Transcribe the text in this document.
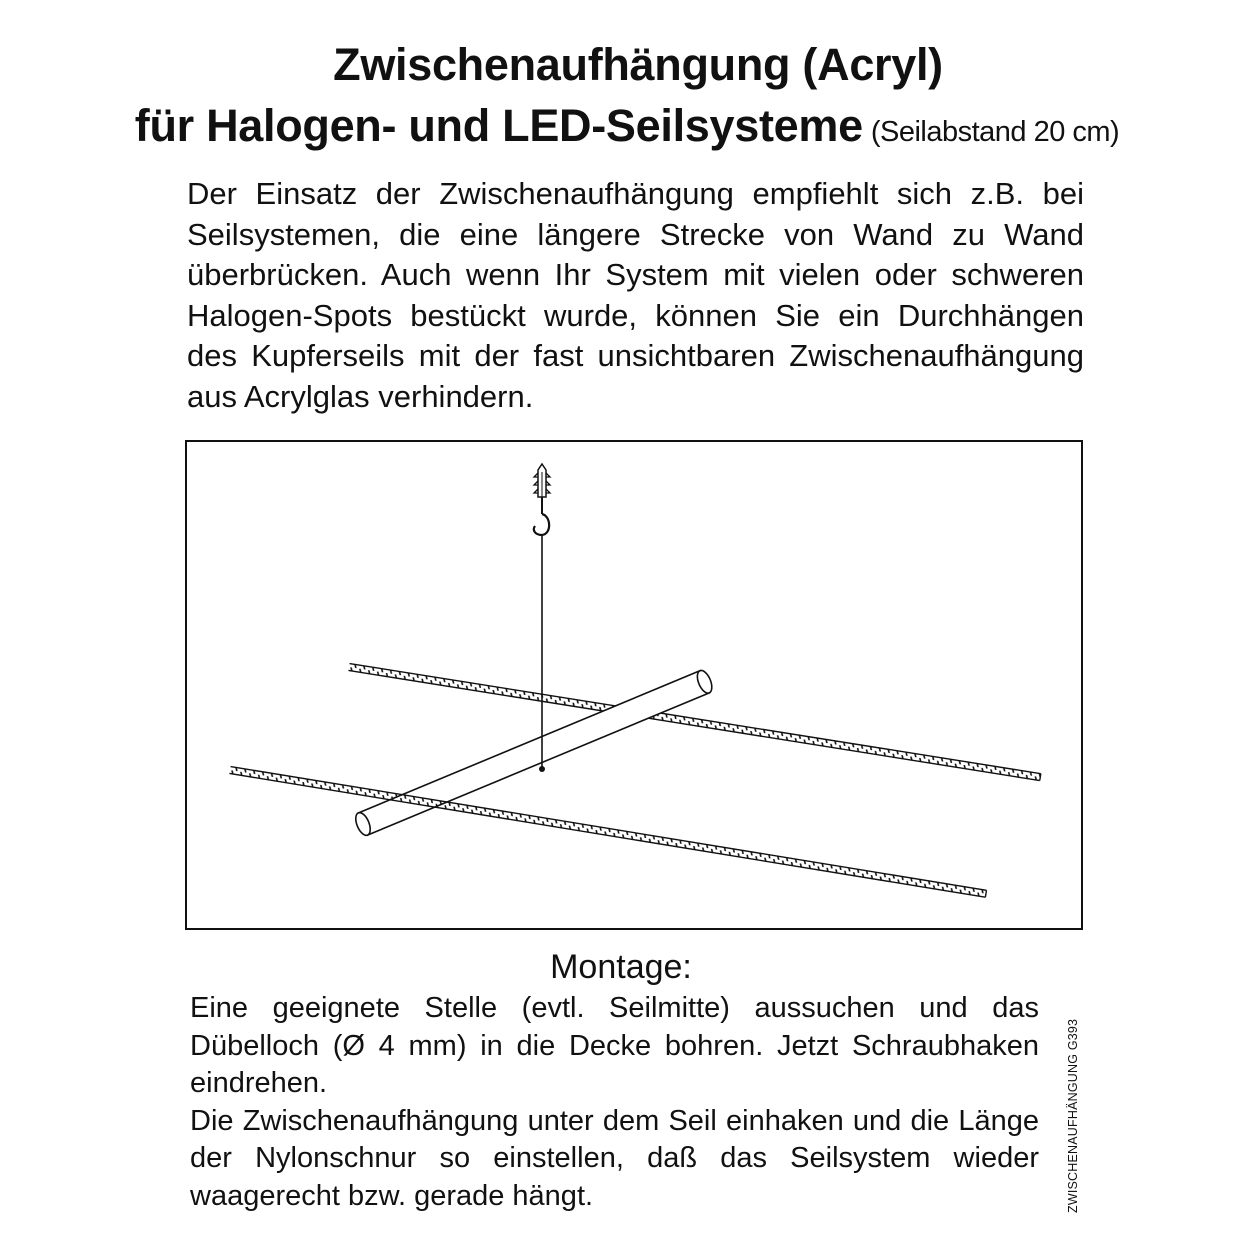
Zwischenaufhängung (Acryl)
für Halogen- und LED-Seilsysteme (Seilabstand 20 cm)
Der Einsatz der Zwischenaufhängung empfiehlt sich z.B. bei Seilsystemen, die eine längere Strecke von Wand zu Wand überbrücken. Auch wenn Ihr System mit vielen oder schweren Halogen-Spots bestückt wurde, können Sie ein Durchhängen des Kupferseils mit der fast unsichtbaren Zwischenaufhängung aus Acrylglas verhindern.
Montage:

Eine geeignete Stelle (evtl. Seilmitte) aussuchen und das Dübelloch (Ø 4 mm) in die Decke bohren. Jetzt Schraubhaken eindrehen.

Die Zwischenaufhängung unter dem Seil einhaken und die Länge der Nylonschnur so einstellen, daß das Seilsystem wieder waagerecht bzw. gerade hängt.	ZWISCHENAUFHÄNGUNG G393
